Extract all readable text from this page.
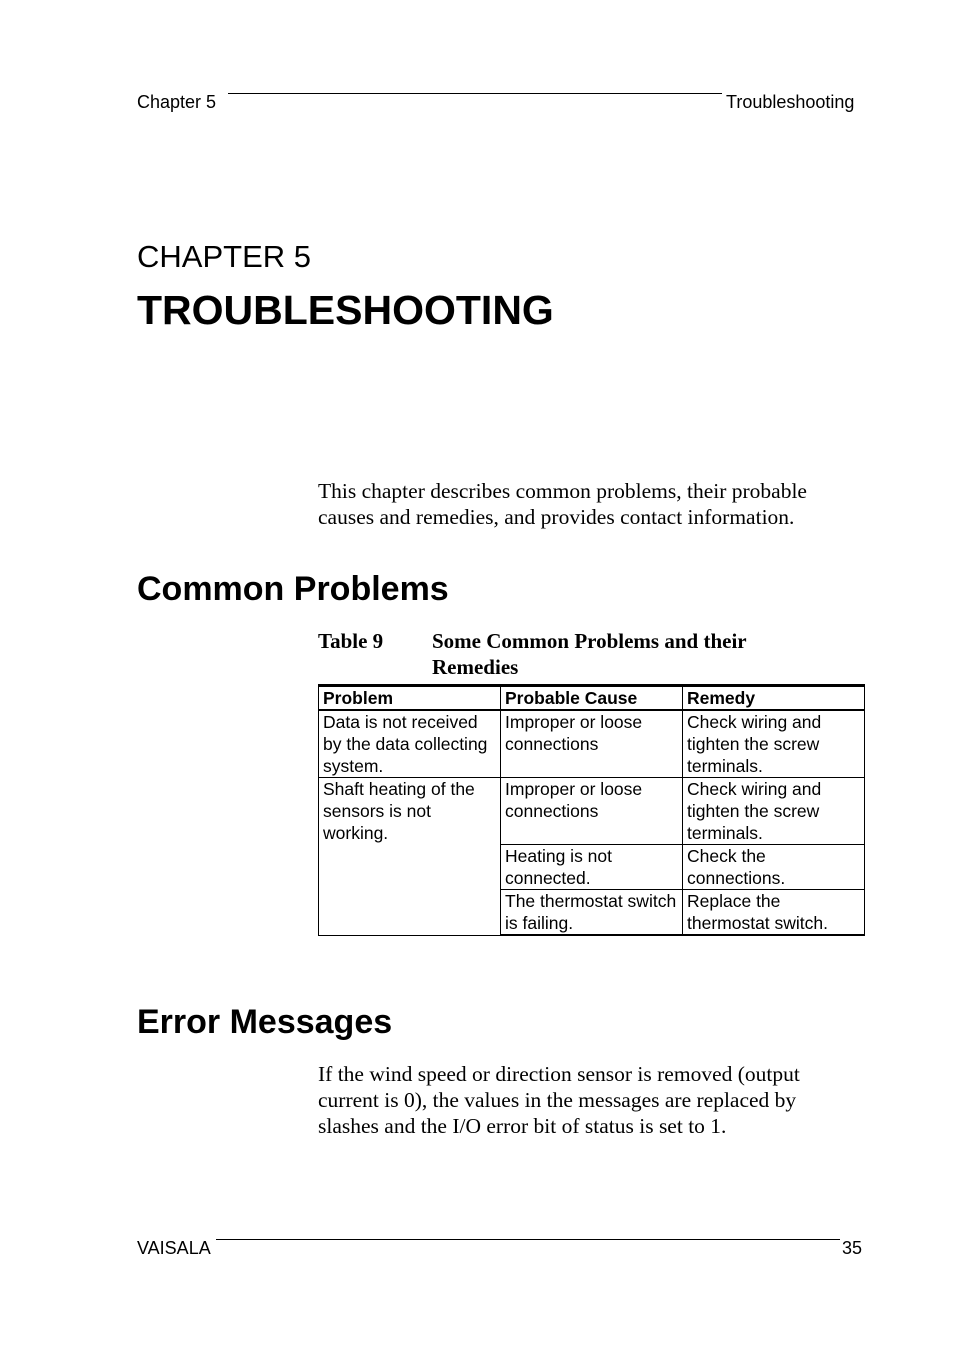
Chapter 5	Troubleshooting
CHAPTER 5
TROUBLESHOOTING
This chapter describes common problems, their probable
causes and remedies, and provides contact information.
Common Problems
Table 9 Some Common Problems and their
Remedies
Problem	Probable Cause	Remedy
Data is not received by the data collecting system.	Improper or loose connections	Check wiring and tighten the screw terminals.
Shaft heating of the sensors is not working.	Improper or loose connections	Check wiring and tighten the screw terminals.
	Heating is not connected.	Check the connections.
	The thermostat switch is failing.	Replace the thermostat switch.
Error Messages
If the wind speed or direction sensor is removed (output
current is 0), the values in the messages are replaced by
slashes and the I/O error bit of status is set to 1.
VAISALA	35
